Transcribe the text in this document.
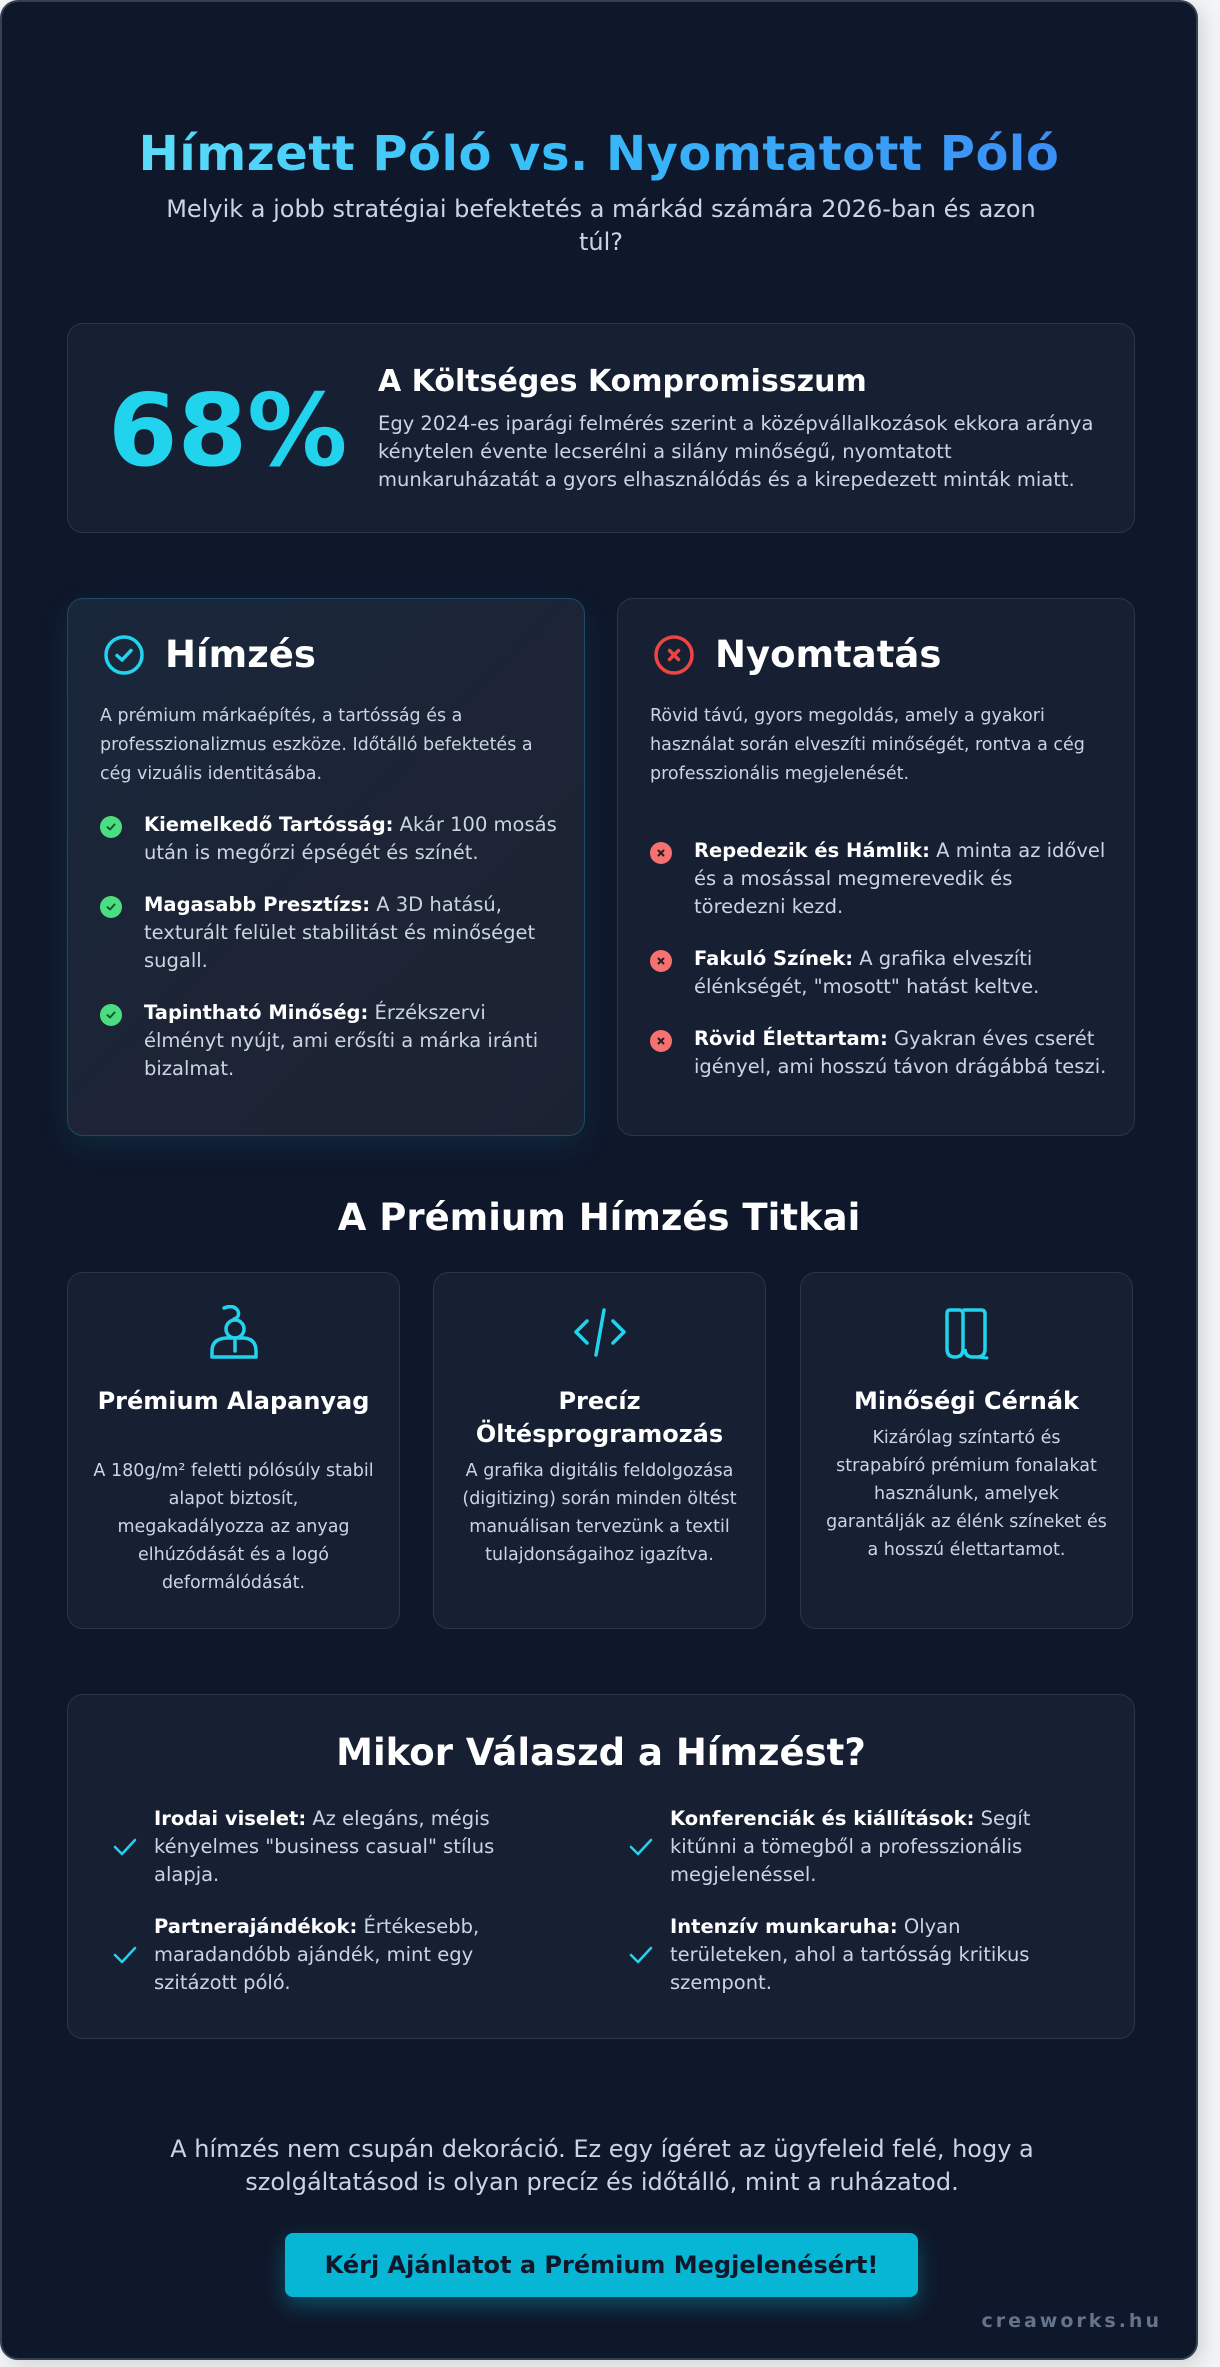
Hímzett Póló vs. Nyomtatott Póló

Melyik a jobb stratégiai befektetés a márkád számára 2026-ban és azon túl?

68% A Költséges Kompromisszum
Egy 2024-es iparági felmérés szerint a középvállalkozások ekkora aránya kénytelen évente lecserélni a silány minőségű, nyomtatott munkaruházatát a gyors elhasználódás és a kirepedezett minták miatt.
Hímzés

A prémium márkaépítés, a tartósság és a professzionalizmus eszköze. Időtálló befektetés a cég vizuális identitásába.

Kiemelkedő Tartósság: Akár 100 mosás után is megőrzi épségét és színét.
Magasabb Presztízs: A 3D hatású, texturált felület stabilitást és minőséget sugall.
Tapintható Minőség: Érzékszervi élményt nyújt, ami erősíti a márka iránti bizalmat.
Nyomtatás

Rövid távú, gyors megoldás, amely a gyakori használat során elveszíti minőségét, rontva a cég professzionális megjelenését.

Repedezik és Hámlik: A minta az idővel és a mosással megmerevedik és töredezni kezd.
Fakuló Színek: A grafika elveszíti élénkségét, "mosott" hatást keltve.
Rövid Élettartam: Gyakran éves cserét igényel, ami hosszú távon drágábbá teszi.
A Prémium Hímzés Titkai
Prémium Alapanyag
A 180g/m² feletti pólósúly stabil alapot biztosít, megakadályozza az anyag elhúzódását és a logó deformálódását.
Precíz Öltésprogramozás
A grafika digitális feldolgozása (digitizing) során minden öltést manuálisan tervezünk a textil tulajdonságaihoz igazítva.
Minőségi Cérnák
Kizárólag színtartó és strapabíró prémium fonalakat használunk, amelyek garantálják az élénk színeket és a hosszú élettartamot.
Mikor Válaszd a Hímzést?
Irodai viselet: Az elegáns, mégis kényelmes "business casual" stílus alapja.
Partnerajándékok: Értékesebb, maradandóbb ajándék, mint egy szitázott póló.
Konferenciák és kiállítások: Segít kitűnni a tömegből a professzionális megjelenéssel.
Intenzív munkaruha: Olyan területeken, ahol a tartósság kritikus szempont.

A hímzés nem csupán dekoráció. Ez egy ígéret az ügyfeleid felé, hogy a szolgáltatásod is olyan precíz és időtálló, mint a ruházatod.

Kérj Ajánlatot a Prémium Megjelenésért!
creaworks.hu
